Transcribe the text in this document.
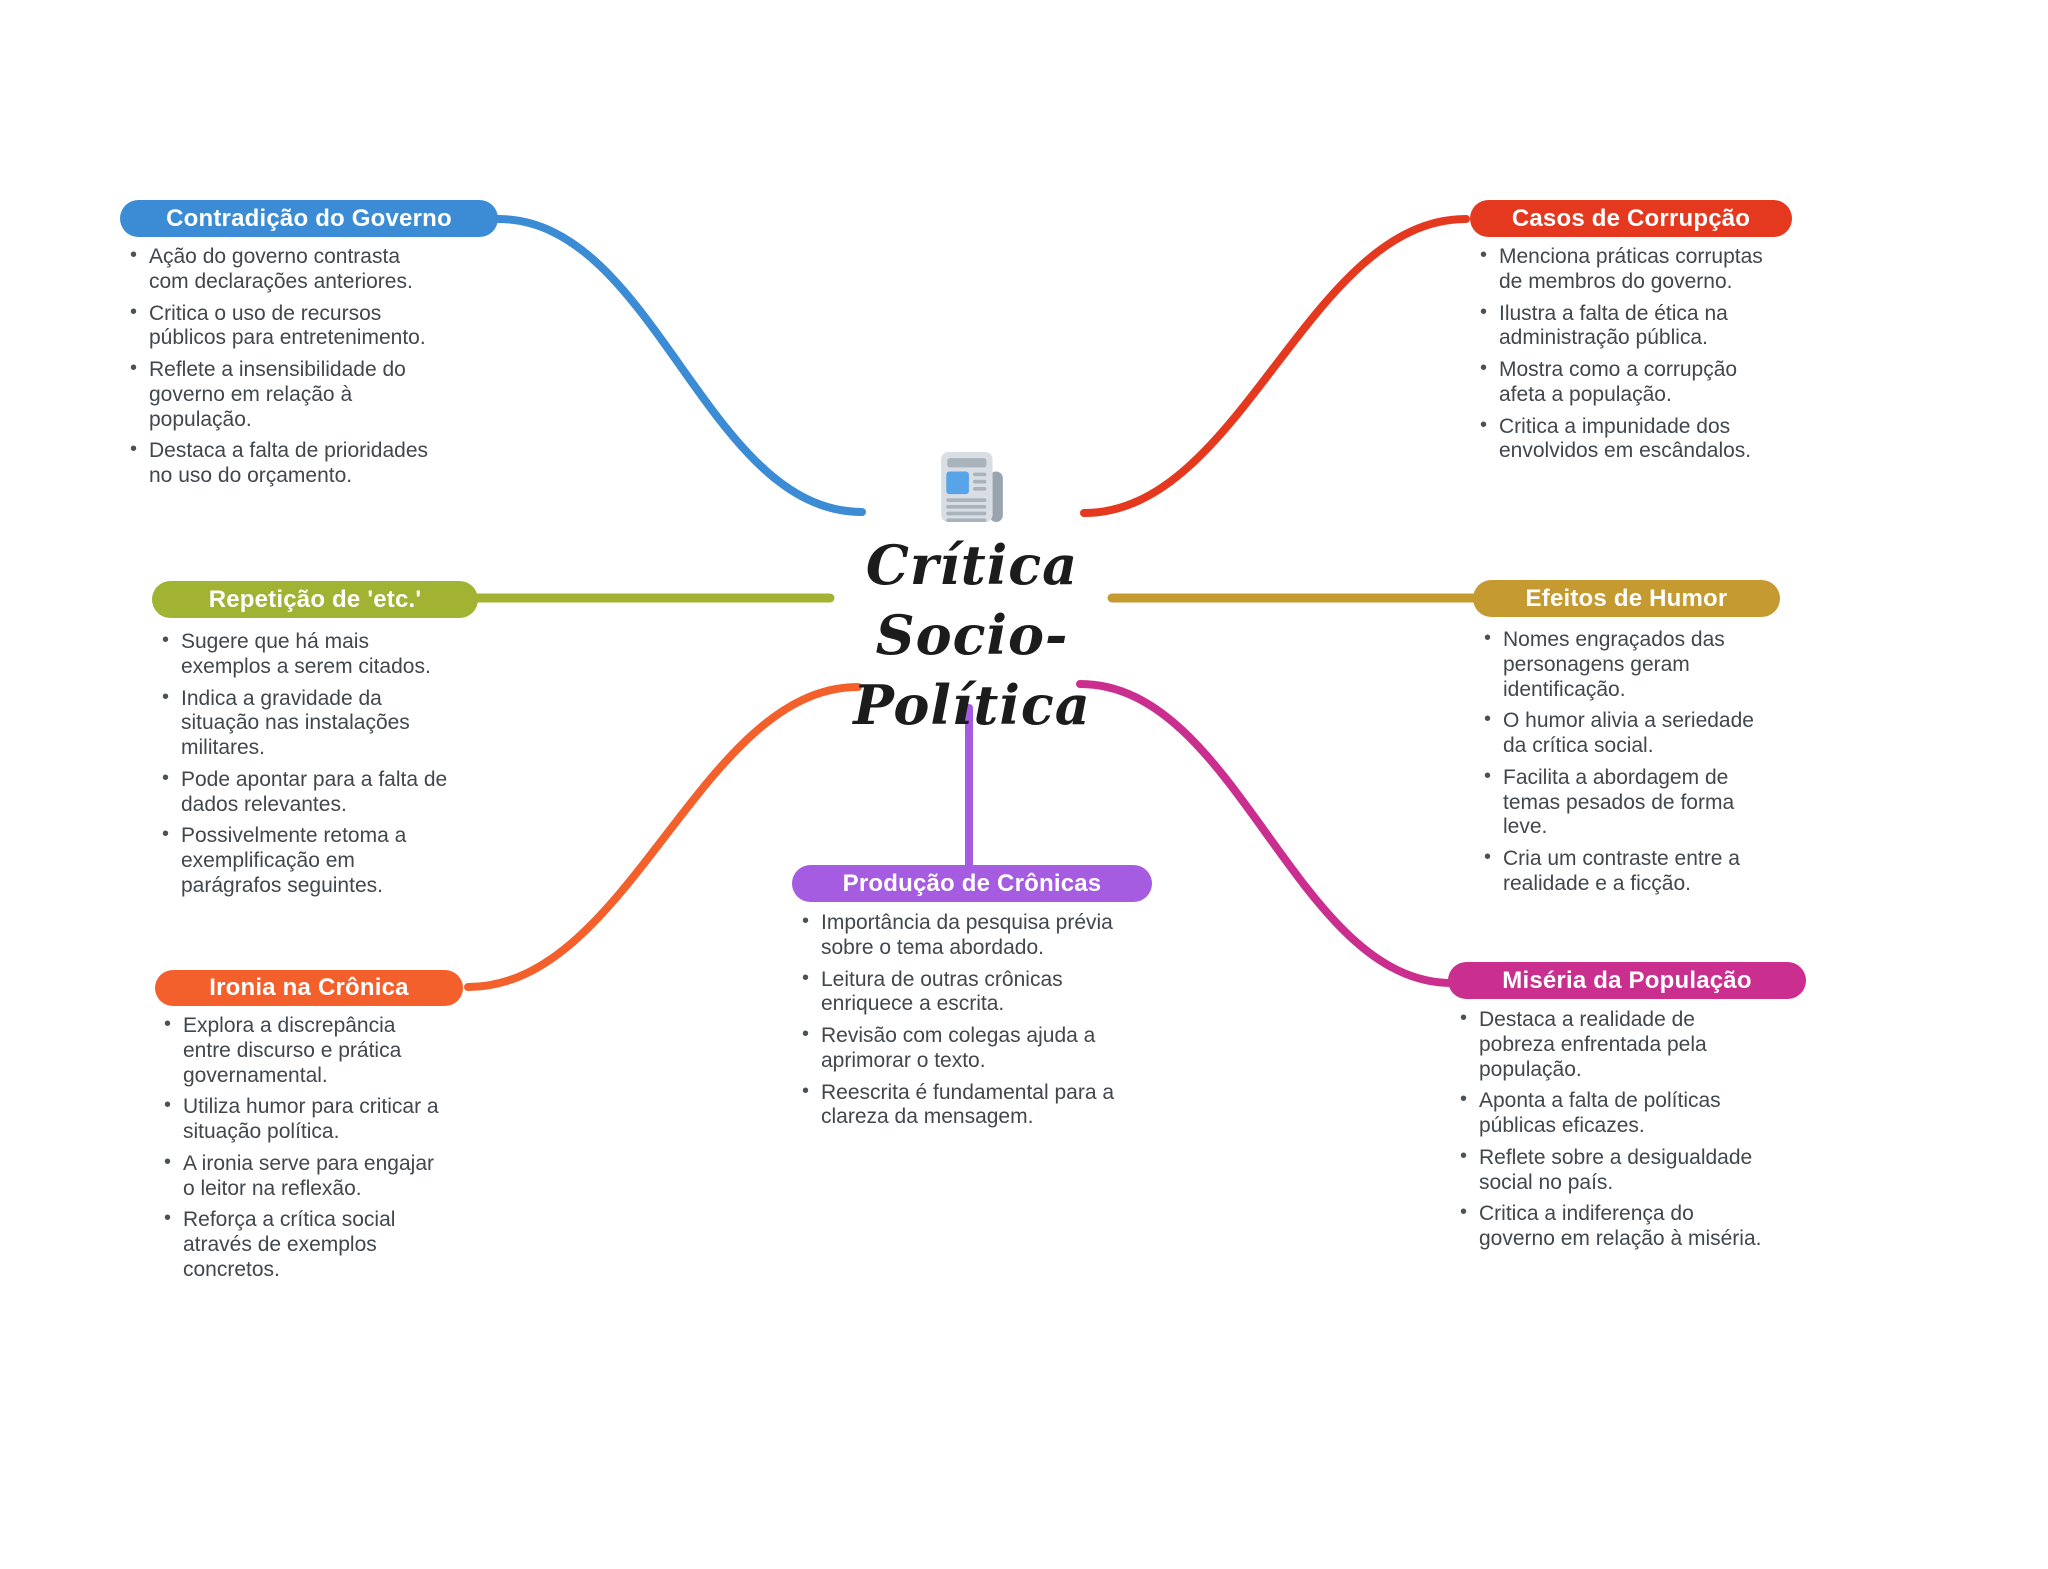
Crítica
Socio-Política
Contradição do Governo
• Ação do governo contrasta com declarações anteriores.
• Critica o uso de recursos públicos para entretenimento.
• Reflete a insensibilidade do governo em relação à população.
• Destaca a falta de prioridades no uso do orçamento.
Casos de Corrupção
• Menciona práticas corruptas de membros do governo.
• Ilustra a falta de ética na administração pública.
• Mostra como a corrupção afeta a população.
• Critica a impunidade dos envolvidos em escândalos.
Repetição de 'etc.'
• Sugere que há mais exemplos a serem citados.
• Indica a gravidade da situação nas instalações militares.
• Pode apontar para a falta de dados relevantes.
• Possivelmente retoma a exemplificação em parágrafos seguintes.
Efeitos de Humor
• Nomes engraçados das personagens geram identificação.
• O humor alivia a seriedade da crítica social.
• Facilita a abordagem de temas pesados de forma leve.
• Cria um contraste entre a realidade e a ficção.
Ironia na Crônica
• Explora a discrepância entre discurso e prática governamental.
• Utiliza humor para criticar a situação política.
• A ironia serve para engajar o leitor na reflexão.
• Reforça a crítica social através de exemplos concretos.
Produção de Crônicas
• Importância da pesquisa prévia sobre o tema abordado.
• Leitura de outras crônicas enriquece a escrita.
• Revisão com colegas ajuda a aprimorar o texto.
• Reescrita é fundamental para a clareza da mensagem.
Miséria da População
• Destaca a realidade de pobreza enfrentada pela população.
• Aponta a falta de políticas públicas eficazes.
• Reflete sobre a desigualdade social no país.
• Critica a indiferença do governo em relação à miséria.
